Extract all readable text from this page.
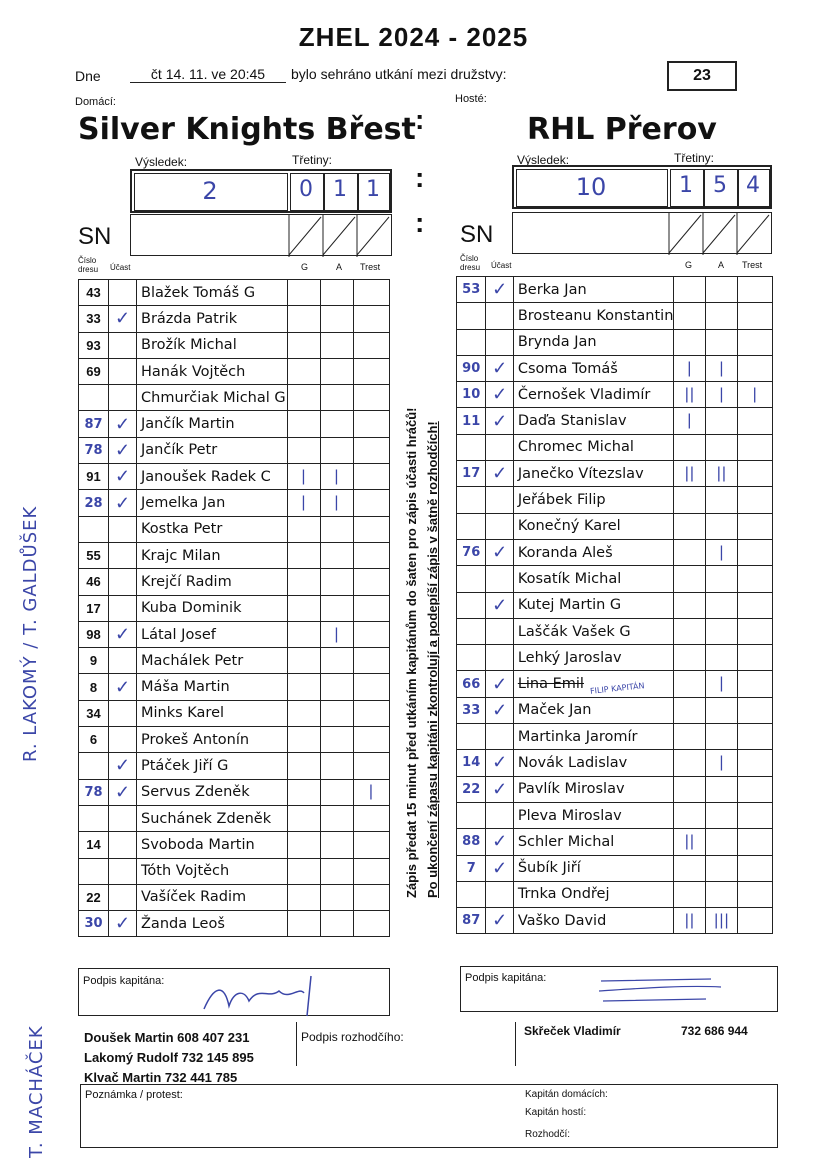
ZHEL 2024 - 2025
Dne	čt 14. 11. ve 20:45	bylo sehráno utkání mezi družstvy:	23
Domácí:	Hosté:
Silver Knights Břest	RHL Přerov
:
:
:
Výsledek:	Třetiny:
2	0 1 1
SN
Výsledek:	Třetiny:
10	1 5 4
SN
Číslo dresu	Účast	G	A Trest
Číslo dresu	Účast	G	A Trest
43		Blažek Tomáš G			
33	✓	Brázda Patrik			
93		Brožík Michal			
69		Hanák Vojtěch			
		Chmurčiak Michal G			
87	✓	Jančík Martin			
78	✓	Jančík Petr			
91	✓	Janoušek Radek C	|	|	
28	✓	Jemelka Jan	|	|	
		Kostka Petr			
55		Krajc Milan			
46		Krejčí Radim			
17		Kuba Dominik			
98	✓	Látal Josef		|	
9		Machálek Petr			
8	✓	Máša Martin			
34		Minks Karel			
6		Prokeš Antonín			
	✓	Ptáček Jiří G			
78	✓	Servus Zdeněk			|
		Suchánek Zdeněk			
14		Svoboda Martin			
		Tóth Vojtěch			
22		Vašíček Radim			
30	✓	Žanda Leoš			
53	✓	Berka Jan			
		Brosteanu Konstantin			
		Brynda Jan			
90	✓	Csoma Tomáš	|	|	
10	✓	Černošek Vladimír	||	|	|
11	✓	Daďa Stanislav	|		
		Chromec Michal			
17	✓	Janečko Vítezslav	||	||	
		Jeřábek Filip			
		Konečný Karel			
76	✓	Koranda Aleš		|	
		Kosatík Michal			
	✓	Kutej Martin G			
		Laščák Vašek G			
		Lehký Jaroslav			
66	✓	Lina Emil		|	
33	✓	Maček Jan			
		Martinka Jaromír			
14	✓	Novák Ladislav		|	
22	✓	Pavlík Miroslav			
		Pleva Miroslav			
88	✓	Schler Michal	||		
7	✓	Šubík Jiří			
		Trnka Ondřej			
87	✓	Vaško David	||	|||	
FILIP KAPITÁN
Zápis předat 15 minut před utkáním kapitánům do šaten pro zápis účasti hráčů! Po ukončení zápasu kapitáni zkontrolují a podepíší zápis v šatně rozhodčích!
Podpis kapitána:	Podpis kapitána:
Doušek Martin 608 407 231
Lakomý Rudolf 732 145 895
Klvač Martin 732 441 785
Podpis rozhodčího:	Skřeček Vladimír	732 686 944
Poznámka / protest:	Kapitán domácích:
Kapitán hostí:
Rozhodčí:
R. LAKOMÝ / T. GALDŮŠEK
T. MACHÁČEK
